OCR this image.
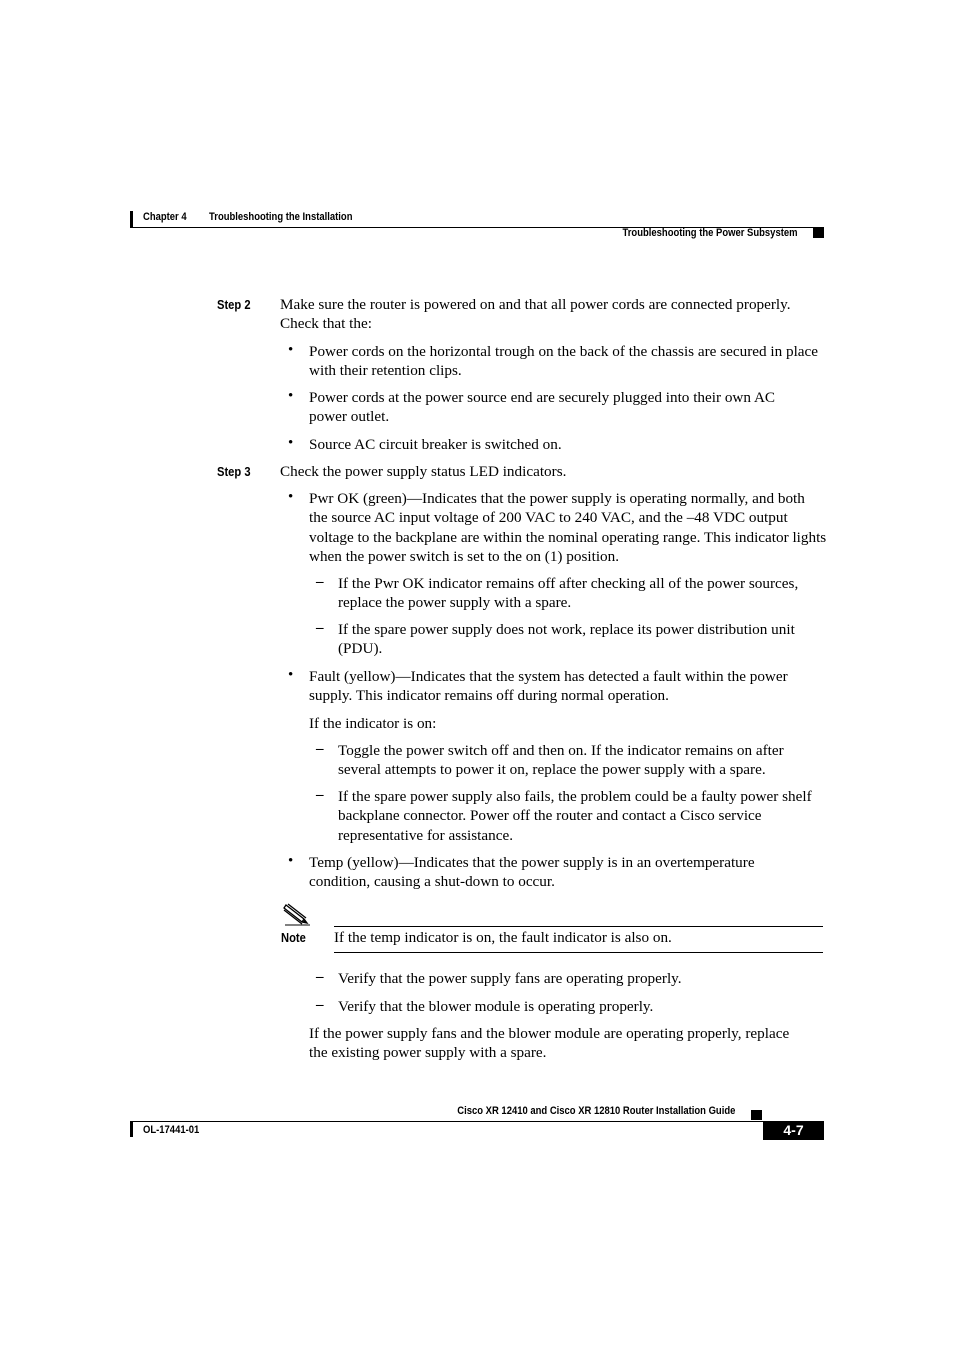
Chapter 4 Troubleshooting the Installation
Troubleshooting the Power Subsystem
Step 2 Make sure the router is powered on and that all power cords are connected properly. Check that the:
• Power cords on the horizontal trough on the back of the chassis are secured in place with their retention clips.
• Power cords at the power source end are securely plugged into their own AC power outlet.
• Source AC circuit breaker is switched on.
Step 3 Check the power supply status LED indicators.
• Pwr OK (green)—Indicates that the power supply is operating normally, and both the source AC input voltage of 200 VAC to 240 VAC, and the –48 VDC output voltage to the backplane are within the nominal operating range. This indicator lights when the power switch is set to the on (1) position.
– If the Pwr OK indicator remains off after checking all of the power sources, replace the power supply with a spare.
– If the spare power supply does not work, replace its power distribution unit (PDU).
• Fault (yellow)—Indicates that the system has detected a fault within the power supply. This indicator remains off during normal operation.
If the indicator is on:
– Toggle the power switch off and then on. If the indicator remains on after several attempts to power it on, replace the power supply with a spare.
– If the spare power supply also fails, the problem could be a faulty power shelf backplane connector. Power off the router and contact a Cisco service representative for assistance.
• Temp (yellow)—Indicates that the power supply is in an overtemperature condition, causing a shut-down to occur.
Note If the temp indicator is on, the fault indicator is also on.
– Verify that the power supply fans are operating properly.
– Verify that the blower module is operating properly.
If the power supply fans and the blower module are operating properly, replace the existing power supply with a spare.
Cisco XR 12410 and Cisco XR 12810 Router Installation Guide
OL-17441-01	4-7
